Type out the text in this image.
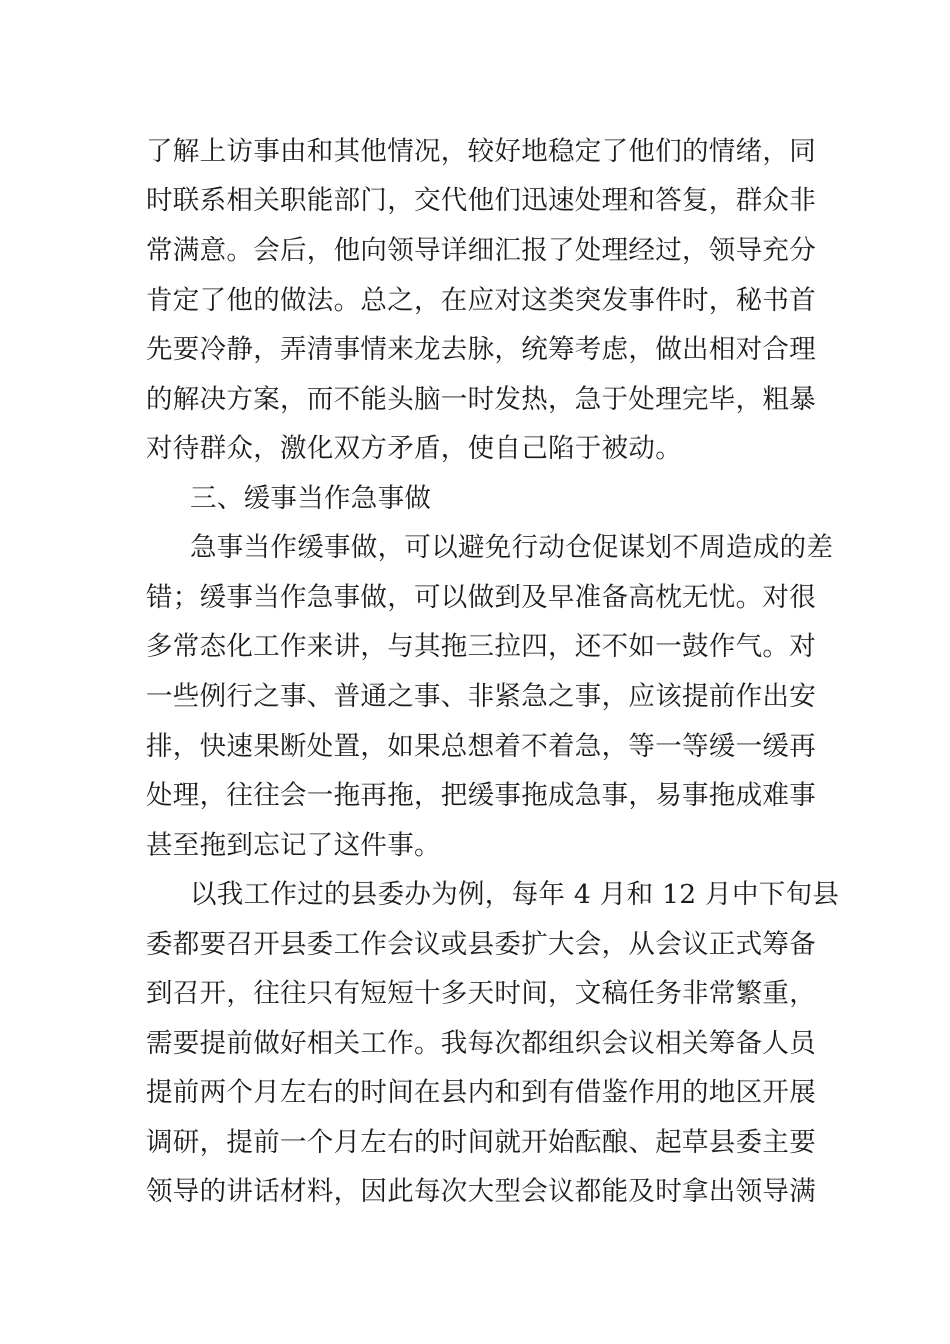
了解上访事由和其他情况，较好地稳定了他们的情绪，同
时联系相关职能部门，交代他们迅速处理和答复，群众非
常满意。会后，他向领导详细汇报了处理经过，领导充分
肯定了他的做法。总之，在应对这类突发事件时，秘书首
先要冷静，弄清事情来龙去脉，统筹考虑，做出相对合理
的解决方案，而不能头脑一时发热，急于处理完毕，粗暴
对待群众，激化双方矛盾，使自己陷于被动。
三、缓事当作急事做
急事当作缓事做，可以避免行动仓促谋划不周造成的差
错；缓事当作急事做，可以做到及早准备高枕无忧。对很
多常态化工作来讲，与其拖三拉四，还不如一鼓作气。对
一些例行之事、普通之事、非紧急之事，应该提前作出安
排，快速果断处置，如果总想着不着急，等一等缓一缓再
处理，往往会一拖再拖，把缓事拖成急事，易事拖成难事
甚至拖到忘记了这件事。
以我工作过的县委办为例，每年 4 月和 12 月中下旬县
委都要召开县委工作会议或县委扩大会，从会议正式筹备
到召开，往往只有短短十多天时间，文稿任务非常繁重，
需要提前做好相关工作。我每次都组织会议相关筹备人员
提前两个月左右的时间在县内和到有借鉴作用的地区开展
调研，提前一个月左右的时间就开始酝酿、起草县委主要
领导的讲话材料，因此每次大型会议都能及时拿出领导满
